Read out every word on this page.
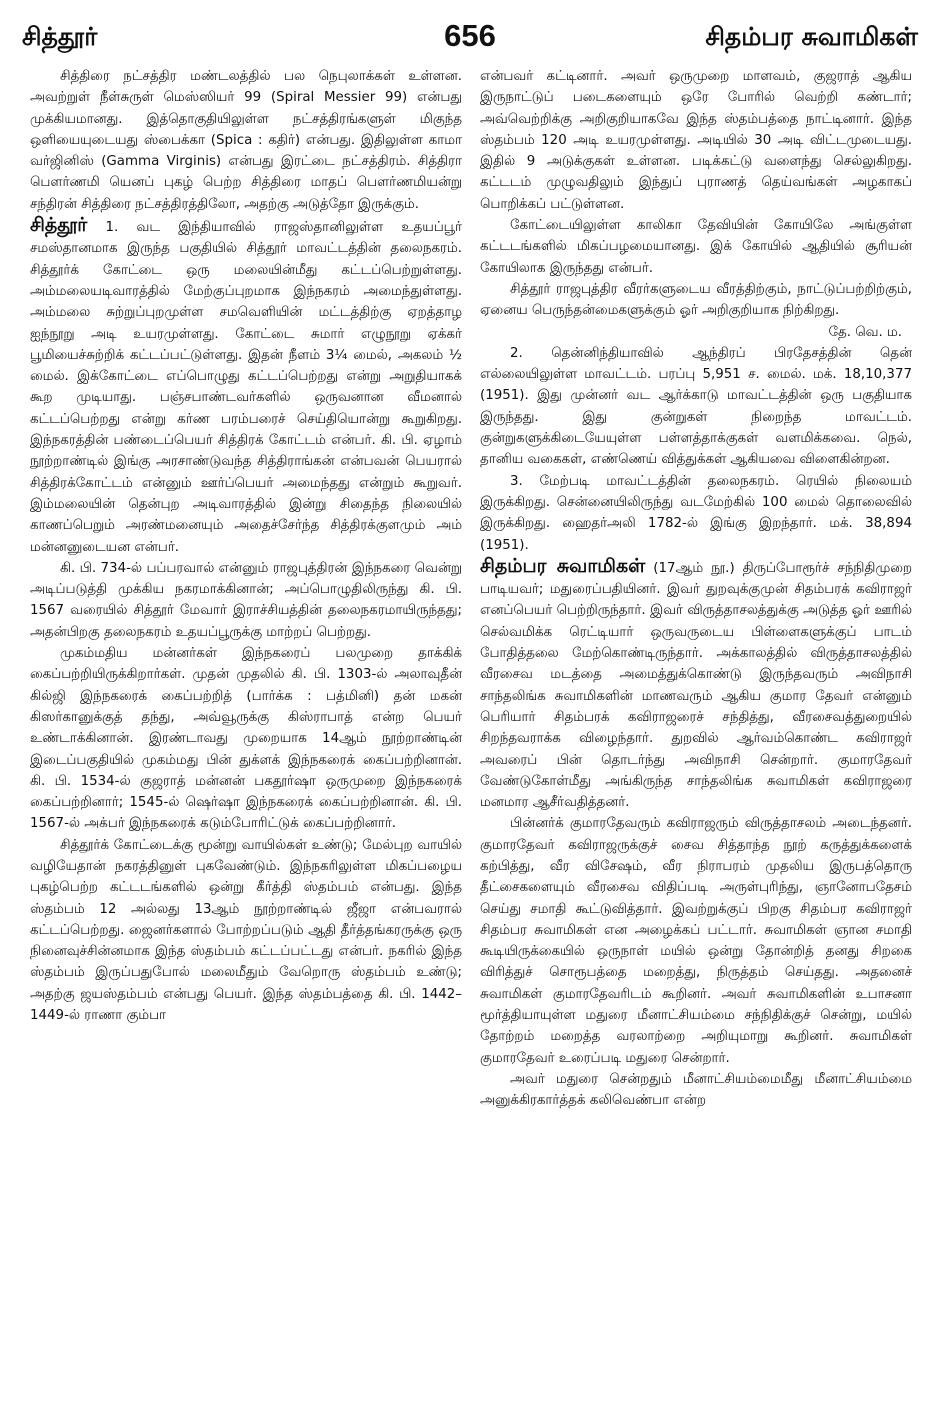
சித்தூர்	656	சிதம்பர சுவாமிகள்

சித்திரை நட்சத்திர மண்டலத்தில் பல நெபுலாக்கள் உள்ளன. அவற்றுள் நீள்சுருள் மெஸ்ஸியர் 99 (Spiral Messier 99) என்பது முக்கியமானது. இத்தொகுதியிலுள்ள நட்சத்திரங்களுள் மிகுந்த ஒளியையுடையது ஸ்பைக்கா (Spica : கதிர்) என்பது. இதிலுள்ள காமா வர்ஜினிஸ் (Gamma Virginis) என்பது இரட்டை நட்சத்திரம். சித்திரா பௌர்ணமி யெனப் புகழ் பெற்ற சித்திரை மாதப் பௌர்ணமியன்று சந்திரன் சித்திரை நட்சத்திரத்திலோ, அதற்கு அடுத்தோ இருக்கும்.

சித்தூர் 1. வட இந்தியாவில் ராஜஸ்தானிலுள்ள உதயப்பூர் சமஸ்தானமாக இருந்த பகுதியில் சித்தூர் மாவட்டத்தின் தலைநகரம். சித்தூர்க் கோட்டை ஒரு மலையின்மீது கட்டப்பெற்றுள்ளது. அம்மலையடிவாரத்தில் மேற்குப்புறமாக இந்நகரம் அமைந்துள்ளது. அம்மலை சுற்றுப்புறமுள்ள சமவெளியின் மட்டத்திற்கு ஏறத்தாழ ஐந்நூறு அடி உயரமுள்ளது. கோட்டை சுமார் எழுநூறு ஏக்கர் பூமியைச்சுற்றிக் கட்டப்பட்டுள்ளது. இதன் நீளம் 3¼ மைல், அகலம் ½ மைல். இக்கோட்டை எப்பொழுது கட்டப்பெற்றது என்று அறுதியாகக் கூற முடியாது. பஞ்சபாண்டவர்களில் ஒருவனான வீமனால் கட்டப்பெற்றது என்று கர்ண பரம்பரைச் செய்தியொன்று கூறுகிறது. இந்நகரத்தின் பண்டைப்பெயர் சித்திரக் கோட்டம் என்பர். கி. பி. ஏழாம் நூற்றாண்டில் இங்கு அரசாண்டுவந்த சித்திராங்கன் என்பவன் பெயரால் சித்திரக்கோட்டம் என்னும் ஊர்ப்பெயர் அமைந்தது என்றும் கூறுவர். இம்மலையின் தென்புற அடிவாரத்தில் இன்று சிதைந்த நிலையில் காணப்பெறும் அரண்மனையும் அதைச்சேர்ந்த சித்திரக்குளமும் அம் மன்னனுடையன என்பர்.

கி. பி. 734-ல் பப்பரவால் என்னும் ராஜபுத்திரன் இந்நகரை வென்று அடிப்படுத்தி முக்கிய நகரமாக்கினான்; அப்பொழுதிலிருந்து கி. பி. 1567 வரையில் சித்தூர் மேவார் இராச்சியத்தின் தலைநகரமாயிருந்தது; அதன்பிறகு தலைநகரம் உதயப்பூருக்கு மாற்றப் பெற்றது.

முகம்மதிய மன்னர்கள் இந்நகரைப் பலமுறை தாக்கிக் கைப்பற்றியிருக்கிறார்கள். முதன் முதலில் கி. பி. 1303-ல் அலாவுதீன் கில்ஜி இந்நகரைக் கைப்பற்றித் (பார்க்க : பத்மினி) தன் மகன் கிஸர்கானுக்குத் தந்து, அவ்வூருக்கு கிஸ்ராபாத் என்ற பெயர் உண்டாக்கினான். இரண்டாவது முறையாக 14ஆம் நூற்றாண்டின் இடைப்பகுதியில் முகம்மது பின் துக்ளக் இந்நகரைக் கைப்பற்றினான். கி. பி. 1534-ல் குஜராத் மன்னன் பகதூர்ஷா ஒருமுறை இந்நகரைக் கைப்பற்றினார்; 1545-ல் ஷெர்ஷா இந்நகரைக் கைப்பற்றினான். கி. பி. 1567-ல் அக்பர் இந்நகரைக் கடும்போரிட்டுக் கைப்பற்றினார்.

சித்தூர்க் கோட்டைக்கு மூன்று வாயில்கள் உண்டு; மேல்புற வாயில் வழியேதான் நகரத்தினுள் புகவேண்டும். இந்நகரிலுள்ள மிகப்பழைய புகழ்பெற்ற கட்டடங்களில் ஒன்று கீர்த்தி ஸ்தம்பம் என்பது. இந்த ஸ்தம்பம் 12 அல்லது 13ஆம் நூற்றாண்டில் ஜீஜா என்பவரால் கட்டப்பெற்றது. ஜைனர்களால் போற்றப்படும் ஆதி தீர்த்தங்கரருக்கு ஒரு நினைவுச்சின்னமாக இந்த ஸ்தம்பம் கட்டப்பட்டது என்பர். நகரில் இந்த ஸ்தம்பம் இருப்பதுபோல் மலைமீதும் வேறொரு ஸ்தம்பம் உண்டு; அதற்கு ஜயஸ்தம்பம் என்பது பெயர். இந்த ஸ்தம்பத்தை கி. பி. 1442–1449-ல் ராணா கும்பா

என்பவர் கட்டினார். அவர் ஒருமுறை மாளவம், குஜராத் ஆகிய இருநாட்டுப் படைகளையும் ஒரே போரில் வெற்றி கண்டார்; அவ்வெற்றிக்கு அறிகுறியாகவே இந்த ஸ்தம்பத்தை நாட்டினார். இந்த ஸ்தம்பம் 120 அடி உயரமுள்ளது. அடியில் 30 அடி விட்டமுடையது. இதில் 9 அடுக்குகள் உள்ளன. படிக்கட்டு வளைந்து செல்லுகிறது. கட்டடம் முழுவதிலும் இந்துப் புராணத் தெய்வங்கள் அழகாகப் பொறிக்கப் பட்டுள்ளன.

கோட்டையிலுள்ள காலிகா தேவியின் கோயிலே அங்குள்ள கட்டடங்களில் மிகப்பழமையானது. இக் கோயில் ஆதியில் சூரியன் கோயிலாக இருந்தது என்பர்.

சித்தூர் ராஜபுத்திர வீரர்களுடைய வீரத்திற்கும், நாட்டுப்பற்றிற்கும், ஏனைய பெருந்தன்மைகளுக்கும் ஓர் அறிகுறியாக நிற்கிறது.

தே. வெ. ம.

2. தென்னிந்தியாவில் ஆந்திரப் பிரதேசத்தின் தென் எல்லையிலுள்ள மாவட்டம். பரப்பு 5,951 ச. மைல். மக். 18,10,377 (1951). இது முன்னர் வட ஆர்க்காடு மாவட்டத்தின் ஒரு பகுதியாக இருந்தது. இது குன்றுகள் நிறைந்த மாவட்டம். குன்றுகளுக்கிடையேயுள்ள பள்ளத்தாக்குகள் வளமிக்கவை. நெல், தானிய வகைகள், எண்ணெய் வித்துக்கள் ஆகியவை விளைகின்றன.

3. மேற்படி மாவட்டத்தின் தலைநகரம். ரெயில் நிலையம் இருக்கிறது. சென்னையிலிருந்து வடமேற்கில் 100 மைல் தொலைவில் இருக்கிறது. ஹைதர்அலி 1782-ல் இங்கு இறந்தார். மக். 38,894 (1951).

சிதம்பர சுவாமிகள் (17ஆம் நூ.) திருப்போரூர்ச் சந்நிதிமுறை பாடியவர்; மதுரைப்பதியினர். இவர் துறவுக்குமுன் சிதம்பரக் கவிராஜர் எனப்பெயர் பெற்றிருந்தார். இவர் விருத்தாசலத்துக்கு அடுத்த ஓர் ஊரில் செல்வமிக்க ரெட்டியார் ஒருவருடைய பிள்ளைகளுக்குப் பாடம் போதித்தலை மேற்கொண்டிருந்தார். அக்காலத்தில் விருத்தாசலத்தில் வீரசைவ மடத்தை அமைத்துக்கொண்டு இருந்தவரும் அவிநாசி சாந்தலிங்க சுவாமிகளின் மாணவரும் ஆகிய குமார தேவர் என்னும் பெரியார் சிதம்பரக் கவிராஜரைச் சந்தித்து, வீரசைவத்துறையில் சிறந்தவராக்க விழைந்தார். துறவில் ஆர்வம்கொண்ட கவிராஜர் அவரைப் பின் தொடர்ந்து அவிநாசி சென்றார். குமாரதேவர் வேண்டுகோள்மீது அங்கிருந்த சாந்தலிங்க சுவாமிகள் கவிராஜரை மனமார ஆசீர்வதித்தனர்.

பின்னர்க் குமாரதேவரும் கவிராஜரும் விருத்தாசலம் அடைந்தனர். குமாரதேவர் கவிராஜருக்குச் சைவ சித்தாந்த நூற் கருத்துக்களைக் கற்பித்து, வீர விசேஷம், வீர நிராபரம் முதலிய இருபத்தொரு தீட்சைகளையும் வீரசைவ விதிப்படி அருள்புரிந்து, ஞானோபதேசம் செய்து சமாதி கூட்டுவித்தார். இவற்றுக்குப் பிறகு சிதம்பர கவிராஜர் சிதம்பர சுவாமிகள் என அழைக்கப் பட்டார். சுவாமிகள் ஞான சமாதி கூடியிருக்கையில் ஒருநாள் மயில் ஒன்று தோன்றித் தனது சிறகை விரித்துச் சொரூபத்தை மறைத்து, நிருத்தம் செய்தது. அதனைச் சுவாமிகள் குமாரதேவரிடம் கூறினர். அவர் சுவாமிகளின் உபாசனா மூர்த்தியாயுள்ள மதுரை மீனாட்சியம்மை சந்நிதிக்குச் சென்று, மயில் தோற்றம் மறைத்த வரலாற்றை அறியுமாறு கூறினர். சுவாமிகள் குமாரதேவர் உரைப்படி மதுரை சென்றார்.

அவர் மதுரை சென்றதும் மீனாட்சியம்மைமீது மீனாட்சியம்மை அனுக்கிரகார்த்தக் கலிவெண்பா என்ற
